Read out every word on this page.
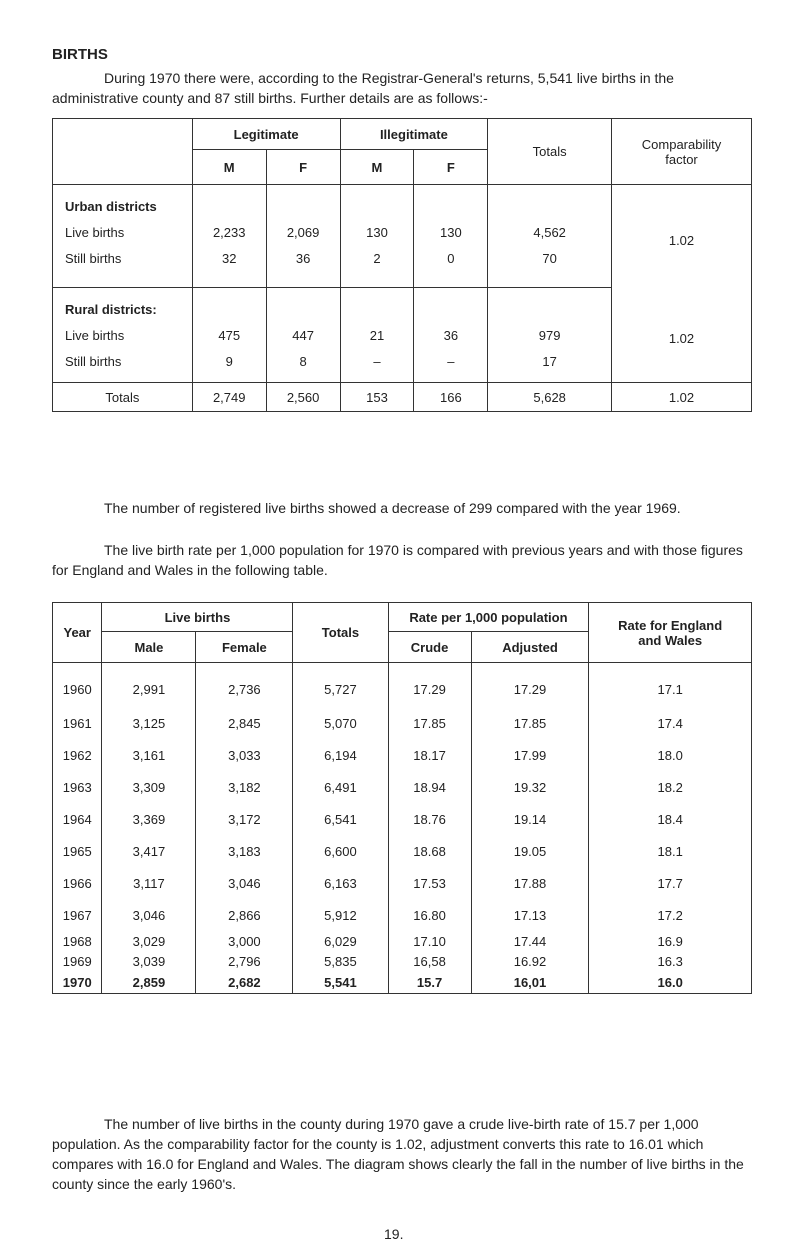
BIRTHS
During 1970 there were, according to the Registrar-General's returns, 5,541 live births in the administrative county and 87 still births. Further details are as follows:-
	Legitimate		Illegitimate		Totals	Comparability factor
	M	F	M	F		
Urban districts						1.02
Live births	2,233	2,069	130	130	4,562	
Still births	32	36	2	0	70	
Rural districts:						1.02
Live births	475	447	21	36	979	
Still births	9	8	–	–	17	
Totals	2,749	2,560	153	166	5,628	1.02
The number of registered live births showed a decrease of 299 compared with the year 1969.
The live birth rate per 1,000 population for 1970 is compared with previous years and with those figures for England and Wales in the following table.
Year	Live births		Totals	Rate per 1,000 population		Rate for England and Wales
	Male	Female		Crude	Adjusted	
1960	2,991	2,736	5,727	17.29	17.29	17.1
1961	3,125	2,845	5,070	17.85	17.85	17.4
1962	3,161	3,033	6,194	18.17	17.99	18.0
1963	3,309	3,182	6,491	18.94	19.32	18.2
1964	3,369	3,172	6,541	18.76	19.14	18.4
1965	3,417	3,183	6,600	18.68	19.05	18.1
1966	3,117	3,046	6,163	17.53	17.88	17.7
1967	3,046	2,866	5,912	16.80	17.13	17.2
1968	3,029	3,000	6,029	17.10	17.44	16.9
1969	3,039	2,796	5,835	16,58	16.92	16.3
1970	2,859	2,682	5,541	15.7	16,01	16.0
The number of live births in the county during 1970 gave a crude live-birth rate of 15.7 per 1,000 population. As the comparability factor for the county is 1.02, adjustment converts this rate to 16.01 which compares with 16.0 for England and Wales. The diagram shows clearly the fall in the number of live births in the county since the early 1960's.
19.
